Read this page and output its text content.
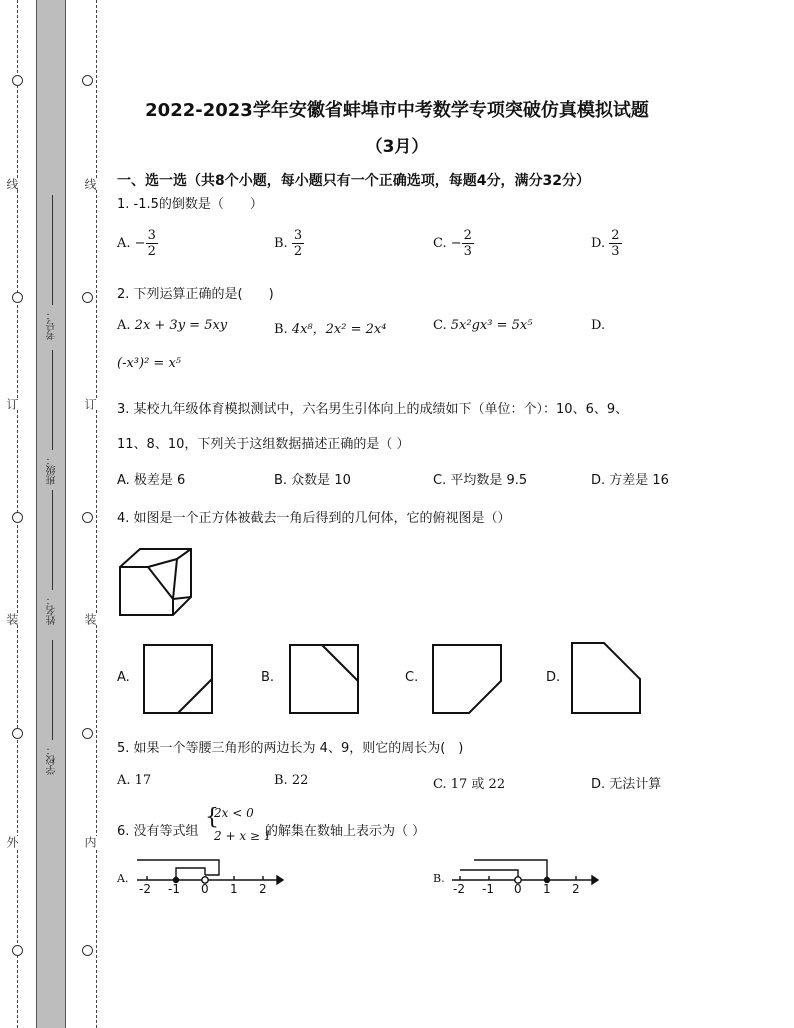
线
订
装
外
线
订
装
内
考号：
班级：
姓名：
学校：
2022-2023学年安徽省蚌埠市中考数学专项突破仿真模拟试题
（3月）
一、选一选（共8个小题，每小题只有一个正确选项，每题4分，满分32分）
1. -1.5的倒数是（　　）
A. − $\frac{3}{2}$	B. $\frac{3}{2}$	C. − $\frac{2}{3}$	D. $\frac{2}{3}$
2. 下列运算正确的是(　　)
A. 2x + 3y = 5xy	B. 4x⁸，2x² = 2x⁴	C. 5x²gx³ = 5x⁵	D.
(-x³)² = x⁵
3. 某校九年级体育模拟测试中，六名男生引体向上的成绩如下（单位：个）：10、6、9、
11、8、10，下列关于这组数据描述正确的是（ ）
A. 极差是 6	B. 众数是 10	C. 平均数是 9.5	D. 方差是 16
4. 如图是一个正方体被截去一角后得到的几何体，它的俯视图是（）
A.	B.	C.	D.
5. 如果一个等腰三角形的两边长为 4、9，则它的周长为(　)
A. 17	B. 22	C. 17 或 22	D. 无法计算
6. 没有等式组
{
2x < 0
2 + x ≥ 1
的解集在数轴上表示为（ ）
A.
-2 -1 0 1 2
B.
-2 -1 0 1 2
